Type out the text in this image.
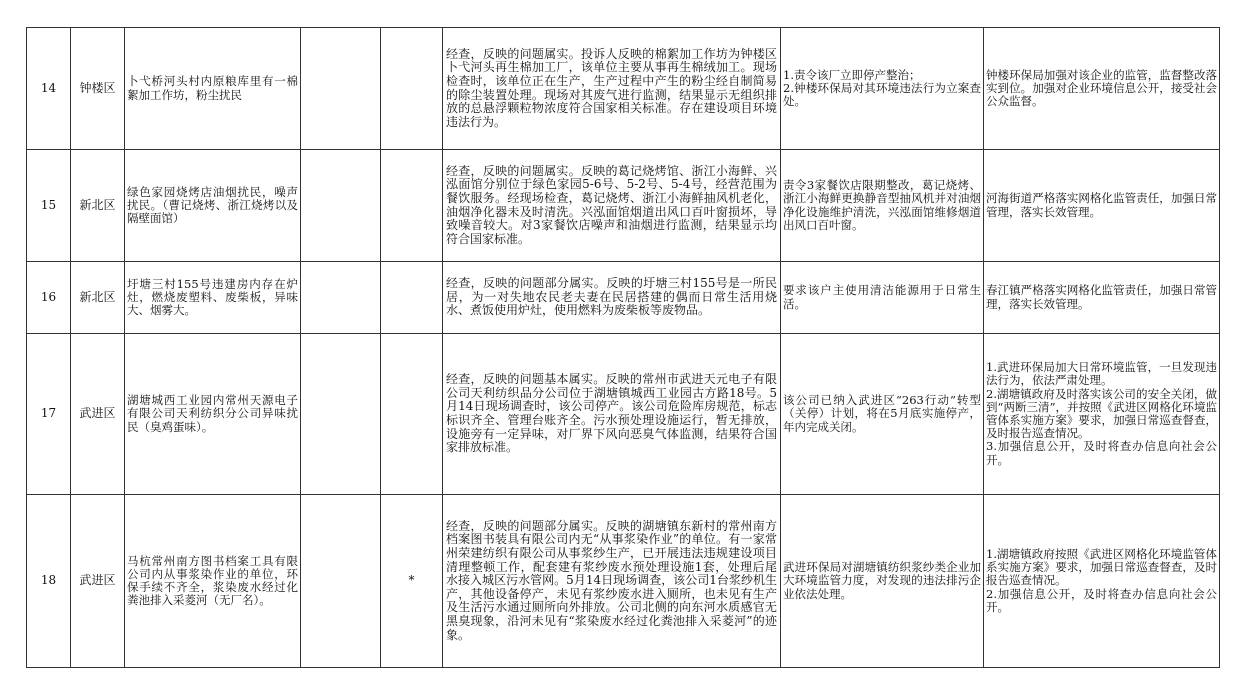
14	钟楼区	卜弋桥河头村内原粮库里有一棉絮加工作坊，粉尘扰民			经查，反映的问题属实。投诉人反映的棉絮加工作坊为钟楼区卜弋河头再生棉加工厂，该单位主要从事再生棉绒加工。现场检查时，该单位正在生产，生产过程中产生的粉尘经自制简易的除尘装置处理。现场对其废气进行监测，结果显示无组织排放的总悬浮颗粒物浓度符合国家相关标准。存在建设项目环境违法行为。	1.责令该厂立即停产整治；
2.钟楼环保局对其环境违法行为立案查处。	钟楼环保局加强对该企业的监管，监督整改落实到位。加强对企业环境信息公开，接受社会公众监督。
15	新北区	绿色家园烧烤店油烟扰民，噪声扰民。（曹记烧烤、浙江烧烤以及隔壁面馆）			经查，反映的问题属实。反映的葛记烧烤馆、浙江小海鲜、兴泓面馆分别位于绿色家园5-6号、5-2号、5-4号，经营范围为餐饮服务。经现场检查，葛记烧烤、浙江小海鲜抽风机老化，油烟净化器未及时清洗。兴泓面馆烟道出风口百叶窗损坏，导致噪音较大。对3家餐饮店噪声和油烟进行监测，结果显示均符合国家标准。	责令3家餐饮店限期整改，葛记烧烤、浙江小海鲜更换静音型抽风机并对油烟净化设施维护清洗，兴泓面馆维修烟道出风口百叶窗。	河海街道严格落实网格化监管责任，加强日常管理，落实长效管理。
16	新北区	圩塘三村155号违建房内存在炉灶，燃烧废塑料、废柴板，异味大、烟雾大。			经查，反映的问题部分属实。反映的圩塘三村155号是一所民居，为一对失地农民老夫妻在民居搭建的偶而日常生活用烧水、煮饭使用炉灶，使用燃料为废柴板等废物品。	要求该户主使用清洁能源用于日常生活。	春江镇严格落实网格化监管责任，加强日常管理，落实长效管理。
17	武进区	湖塘城西工业园内常州天源电子有限公司天利纺织分公司异味扰民（臭鸡蛋味）。			经查，反映的问题基本属实。反映的常州市武进天元电子有限公司天利纺织品分公司位于湖塘镇城西工业园古方路18号。5月14日现场调查时，该公司停产。该公司危险库房规范，标志标识齐全、管理台账齐全。污水预处理设施运行，暂无排放，设施旁有一定异味，对厂界下风向恶臭气体监测，结果符合国家排放标准。	该公司已纳入武进区“263行动”转型（关停）计划，将在5月底实施停产，年内完成关闭。	1.武进环保局加大日常环境监管，一旦发现违法行为，依法严肃处理。
2.湖塘镇政府及时落实该公司的安全关闭，做到“两断三清”，并按照《武进区网格化环境监管体系实施方案》要求，加强日常巡查督查，及时报告巡查情况。
3.加强信息公开，及时将查办信息向社会公开。
18	武进区	马杭常州南方图书档案工具有限公司内从事浆染作业的单位，环保手续不齐全，浆染废水经过化粪池排入采菱河（无厂名）。		*	经查，反映的问题部分属实。反映的湖塘镇东新村的常州南方档案图书装具有限公司内无“从事浆染作业”的单位。有一家常州荣建纺织有限公司从事浆纱生产，已开展违法违规建设项目清理整顿工作，配套建有浆纱废水预处理设施1套，处理后尾水接入城区污水管网。5月14日现场调查，该公司1台浆纱机生产，其他设备停产，未见有浆纱废水进入厕所，也未见有生产及生活污水通过厕所向外排放。公司北侧的向东河水质感官无黑臭现象，沿河未见有“浆染废水经过化粪池排入采菱河”的迹象。	武进环保局对湖塘镇纺织浆纱类企业加大环境监管力度，对发现的违法排污企业依法处理。	1.湖塘镇政府按照《武进区网格化环境监管体系实施方案》要求，加强日常巡查督查，及时报告巡查情况。
2.加强信息公开，及时将查办信息向社会公开。
